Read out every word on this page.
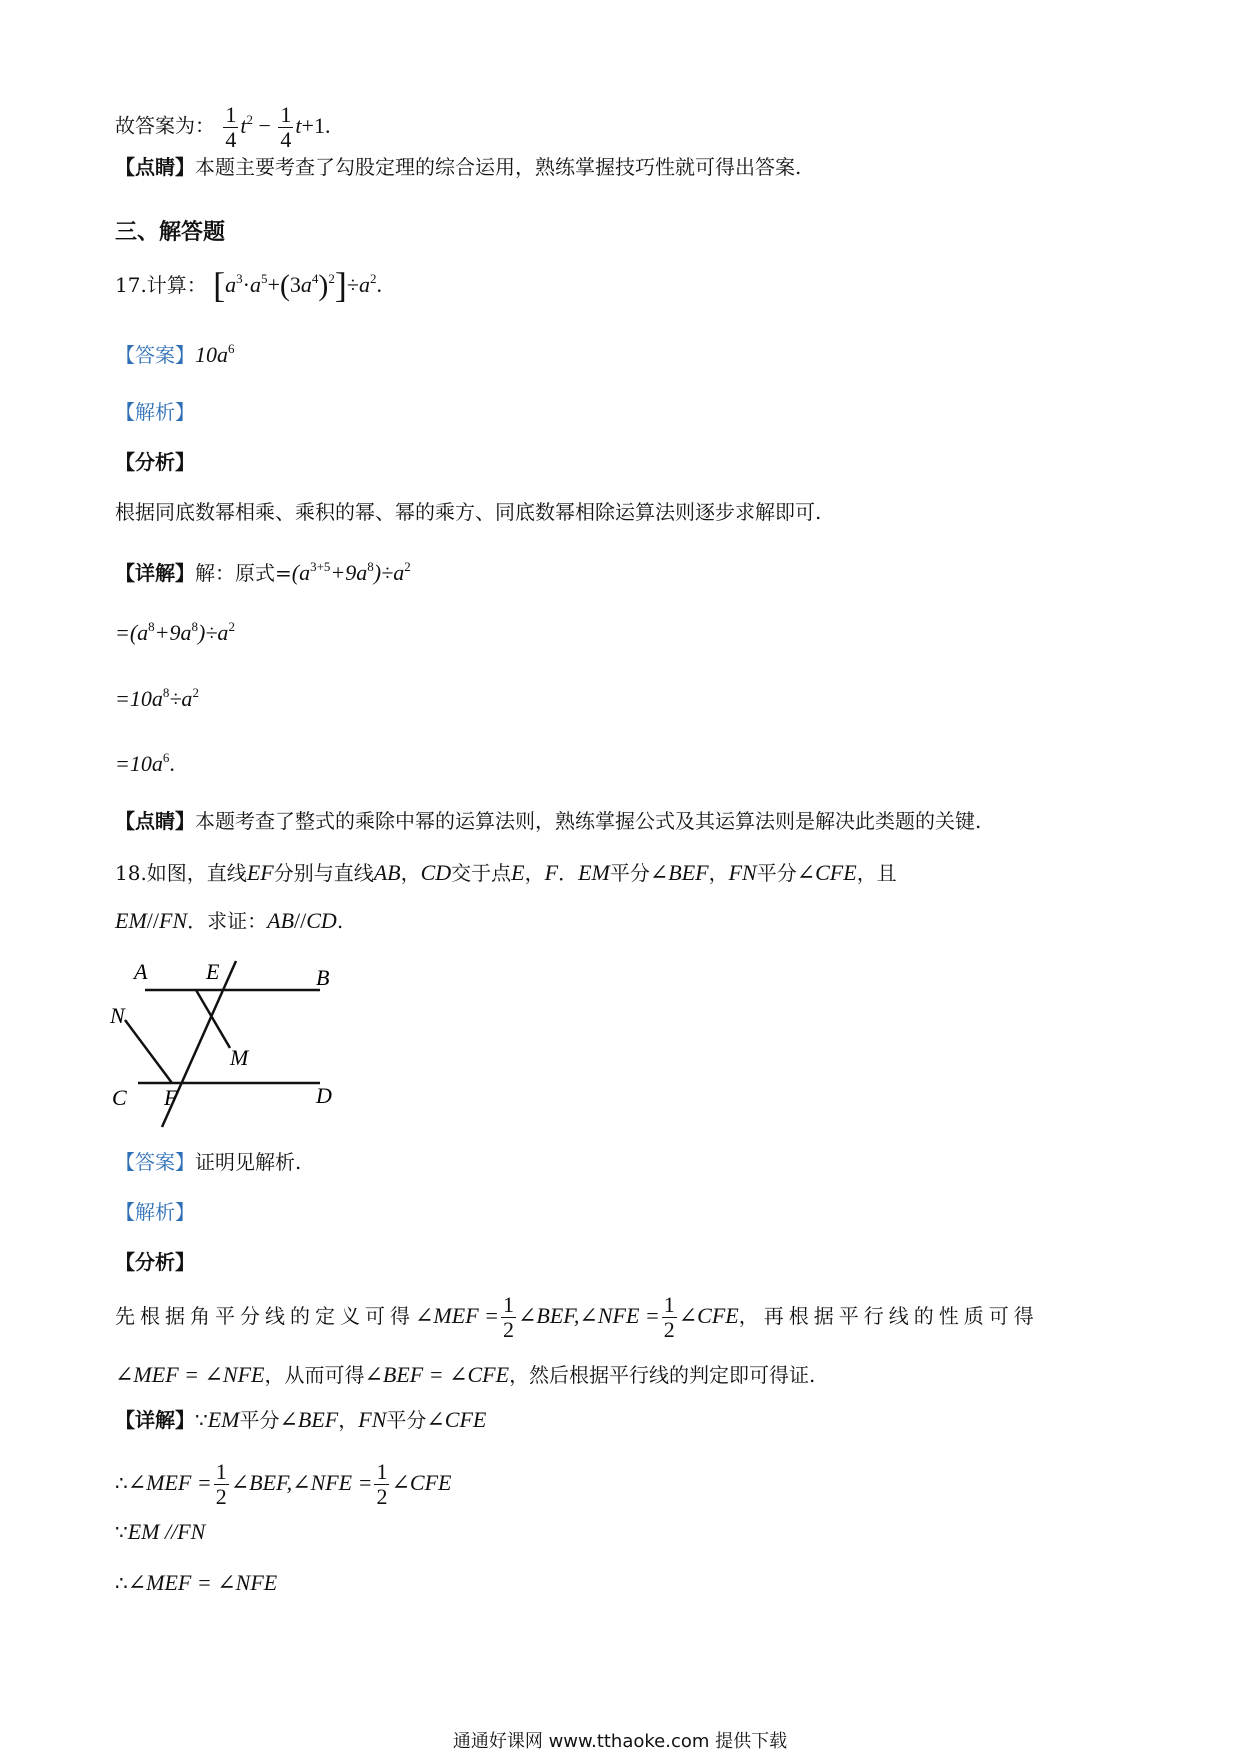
故答案为： $\frac{1}{4} t^2 - \frac{1}{4} t+1$.
【点睛】本题主要考查了勾股定理的综合运用，熟练掌握技巧性就可得出答案.
三、解答题
17.计算： $[a^3\cdot a^5+(3a^4)^2]\div a^2$.
【答案】$10a^6$
【解析】
【分析】
根据同底数幂相乘、乘积的幂、幂的乘方、同底数幂相除运算法则逐步求解即可.
【详解】解：原式$=(a^{3+5}+9a^8)\div a^2$
$=(a^8+9a^8)\div a^2$
$=10a^8\div a^2$
$=10a^6$.
【点睛】本题考查了整式的乘除中幂的运算法则，熟练掌握公式及其运算法则是解决此类题的关键.
18.如图，直线EF分别与直线AB，CD交于点E，F．EM平分∠BEF，FN平分∠CFE，且
EM//FN．求证：AB//CD.
A	E	B
N
M
C F	D
【答案】证明见解析.
【解析】
【分析】
先根据角平分线的定义可得∠MEF = $\frac{1}{2}$ ∠BEF,∠NFE = $\frac{1}{2}$ ∠CFE，再根据平行线的性质可得
∠MEF = ∠NFE，从而可得∠BEF = ∠CFE，然后根据平行线的判定即可得证.
【详解】∵EM平分∠BEF，FN平分∠CFE
∴∠MEF = $\frac{1}{2}$ ∠BEF,∠NFE = $\frac{1}{2}$ ∠CFE
∵EM //FN
∴∠MEF = ∠NFE
通通好课网 www.tthaoke.com 提供下载
